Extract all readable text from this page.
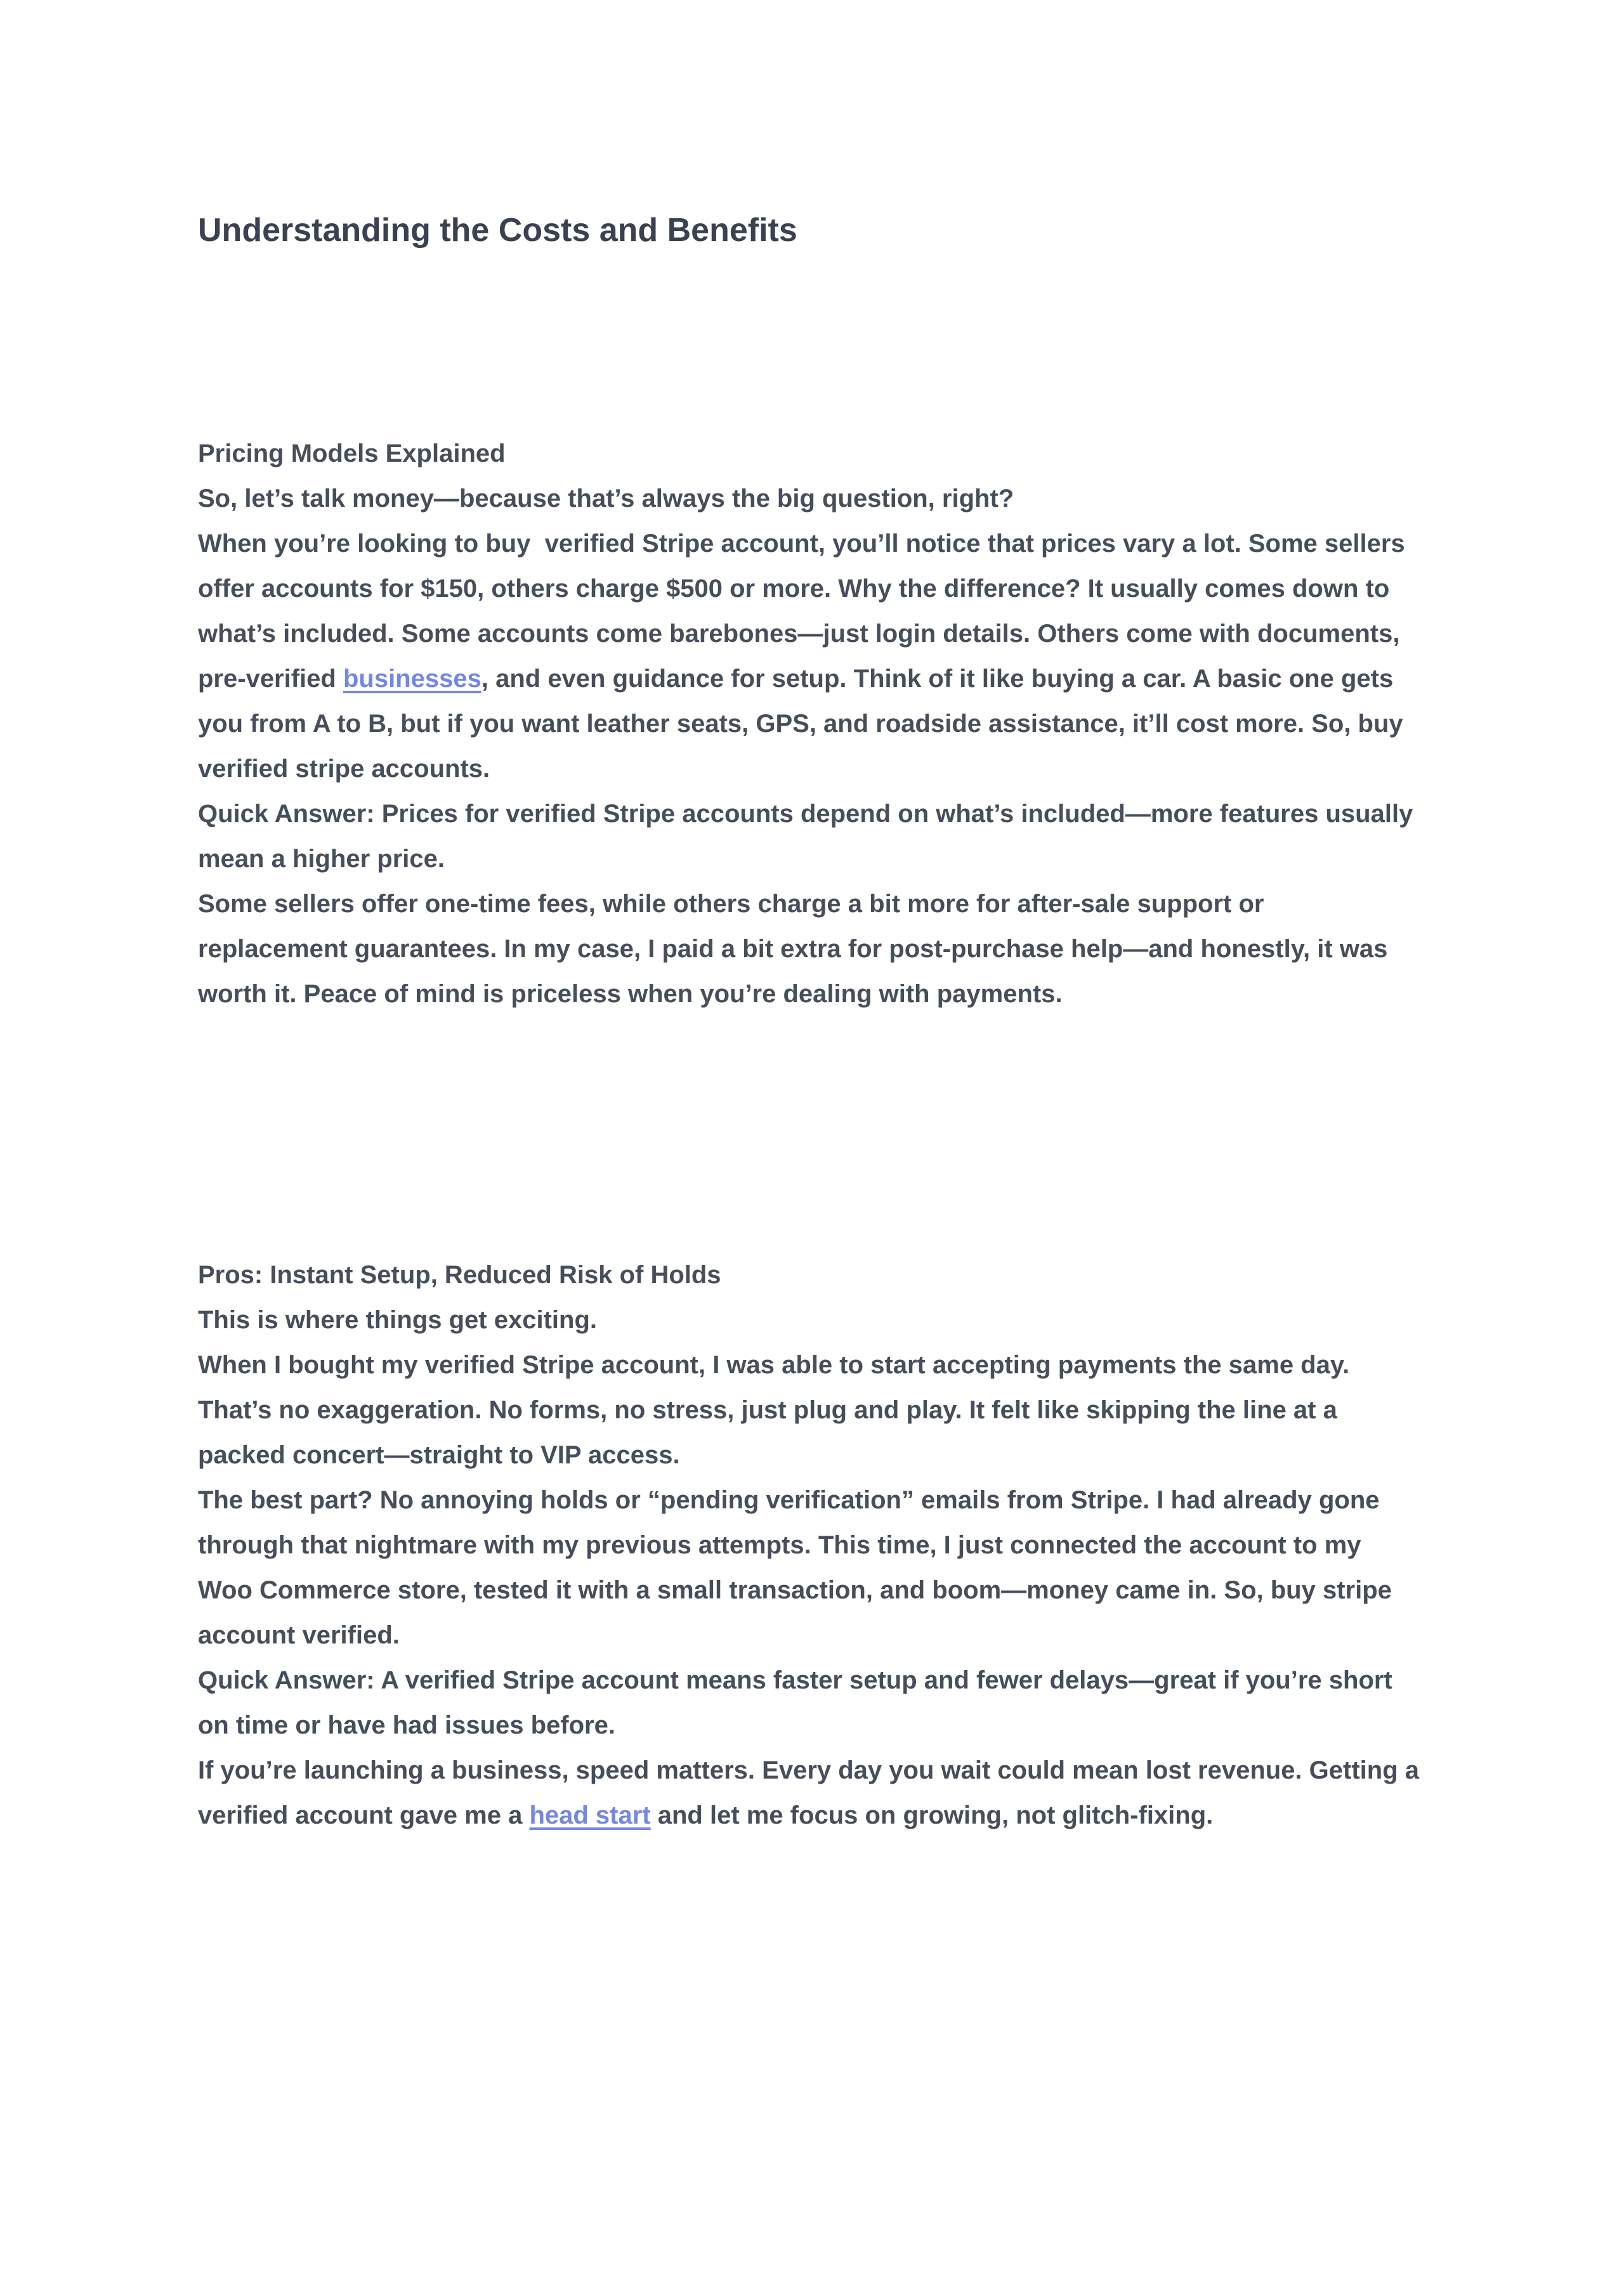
Understanding the Costs and Benefits

Pricing Models Explained

So, let’s talk money—because that’s always the big question, right?

When you’re looking to buy  verified Stripe account, you’ll notice that prices vary a lot. Some sellers offer accounts for $150, others charge $500 or more. Why the difference? It usually comes down to what’s included. Some accounts come barebones—just login details. Others come with documents, pre-verified businesses, and even guidance for setup. Think of it like buying a car. A basic one gets you from A to B, but if you want leather seats, GPS, and roadside assistance, it’ll cost more. So, buy verified stripe accounts.

Quick Answer: Prices for verified Stripe accounts depend on what’s included—more features usually mean a higher price.

Some sellers offer one-time fees, while others charge a bit more for after-sale support or replacement guarantees. In my case, I paid a bit extra for post-purchase help—and honestly, it was worth it. Peace of mind is priceless when you’re dealing with payments.

Pros: Instant Setup, Reduced Risk of Holds

This is where things get exciting.

When I bought my verified Stripe account, I was able to start accepting payments the same day. That’s no exaggeration. No forms, no stress, just plug and play. It felt like skipping the line at a packed concert—straight to VIP access.

The best part? No annoying holds or “pending verification” emails from Stripe. I had already gone through that nightmare with my previous attempts. This time, I just connected the account to my Woo Commerce store, tested it with a small transaction, and boom—money came in. So, buy stripe account verified.

Quick Answer: A verified Stripe account means faster setup and fewer delays—great if you’re short on time or have had issues before.

If you’re launching a business, speed matters. Every day you wait could mean lost revenue. Getting a verified account gave me a head start and let me focus on growing, not glitch-fixing.
